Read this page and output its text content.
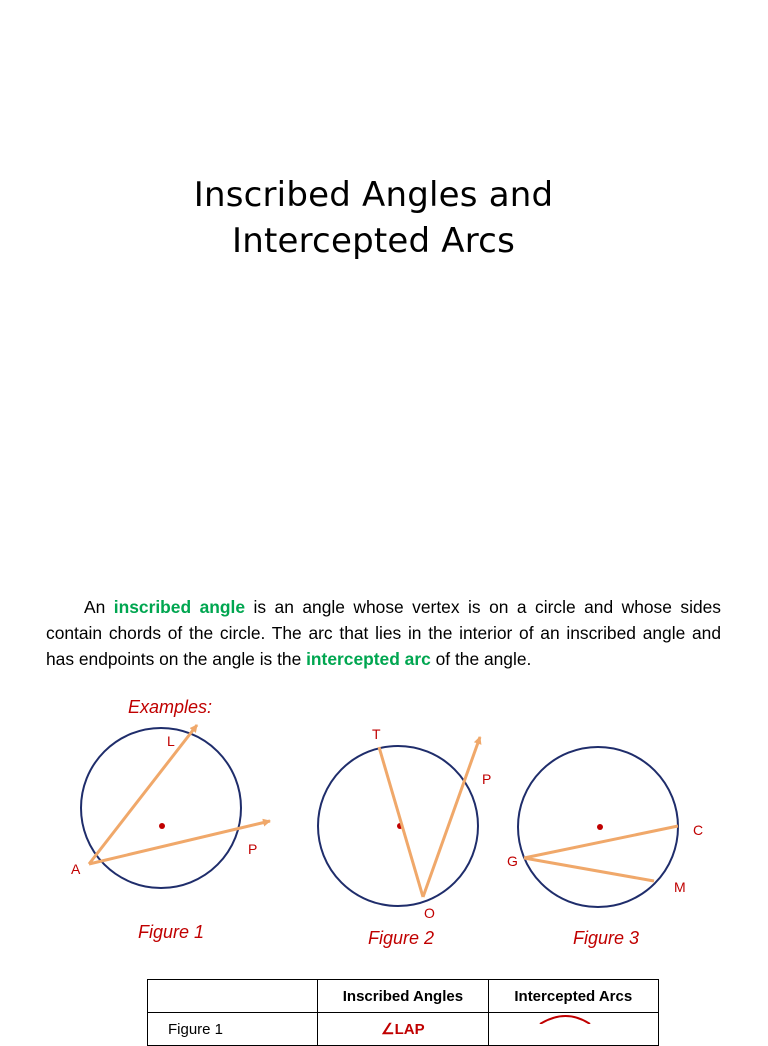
Inscribed Angles and
Intercepted Arcs

An inscribed angle is an angle whose vertex is on a circle and whose sides contain chords of the circle. The arc that lies in the interior of an inscribed angle and has endpoints on the angle is the intercepted arc of the angle.

Examples:
L
A
P
T
P
O
C
G
M
Figure 1	Figure 2	Figure 3
	Inscribed Angles	Intercepted Arcs
Figure 1	∠LAP	
